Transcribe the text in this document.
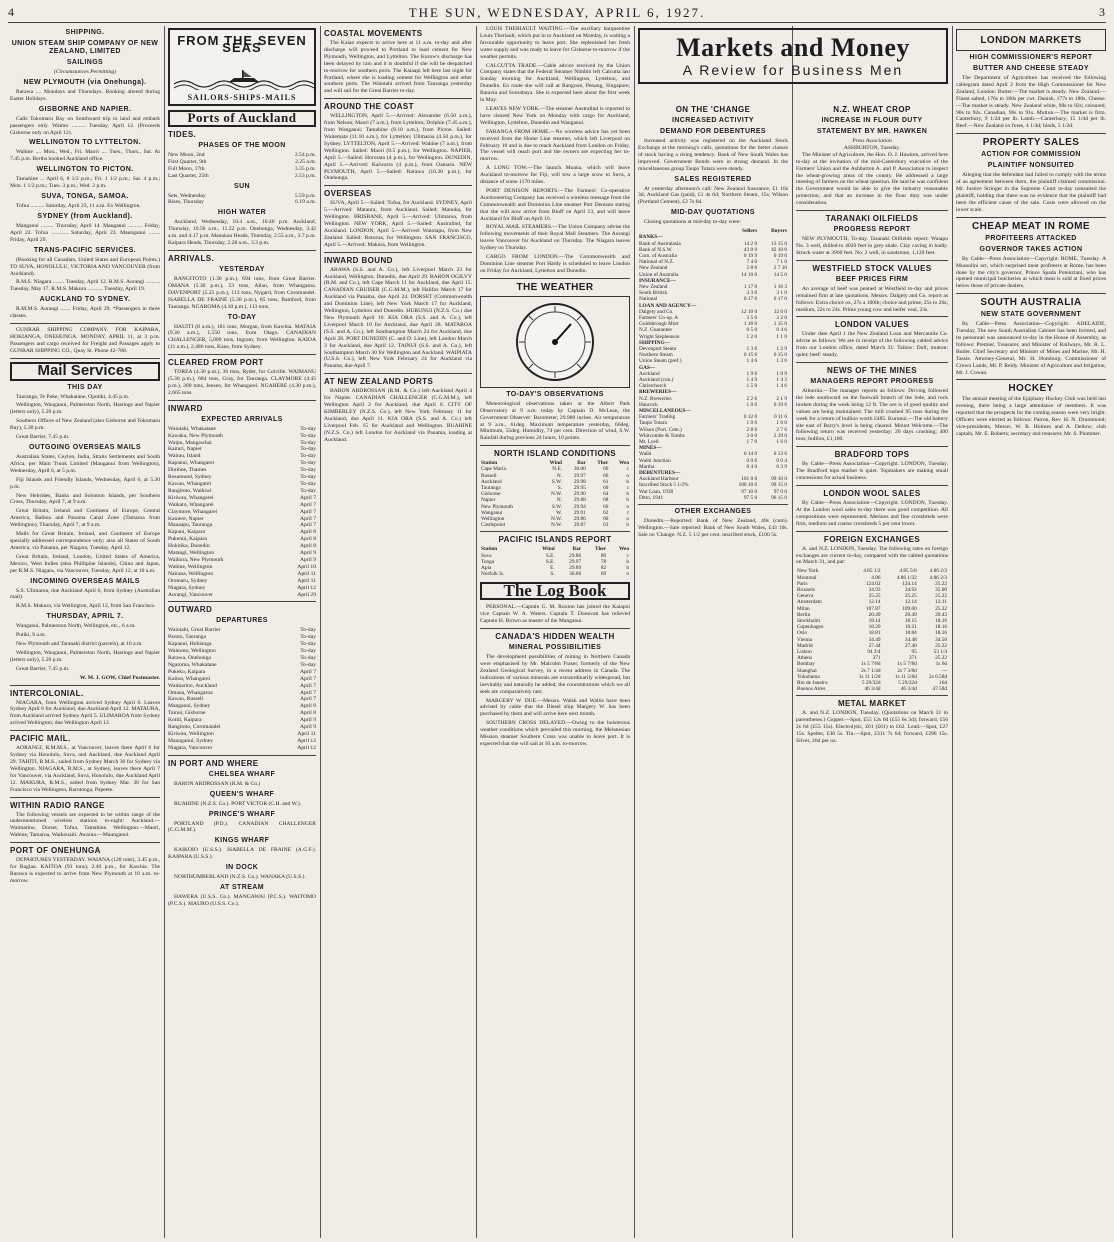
4	THE SUN, WEDNESDAY, APRIL 6, 1927.	3
SHIPPING.
UNION STEAM SHIP COMPANY OF NEW ZEALAND, LIMITED
SAILINGS
(Circumstances Permitting)
NEW PLYMOUTH (via Onehunga).
Rarawa .... Mondays and Thursdays. Booking altered during Easter Holidays.
GISBORNE AND NAPIER.
Calls Tokomaru Bay on Southward trip to land and embark passengers only. Waimo .......... Tuesday, April 12. (Proceeds Gisborne only on April 12).
WELLINGTON TO LYTTELTON.
Wahine .... Mon., Wed., Fri. Maori .... Tues., Thurs., Sat. At 7.45 p.m. Berths booked Auckland office.
WELLINGTON TO PICTON.
Tamahine ... April 6, 8 1/2 p.m.; Fri. 1 1/2 p.m.; Sat. 4 p.m.; Mon. 1 1/2 p.m.; Tues. 3 p.m.; Wed. 2 p.m.
SUVA, TONGA, SAMOA.
Tofua .......... Saturday, April 23, 11 a.m. Ex Wellington.
SYDNEY (from Auckland).
Manganui ......... Thursday, April 14. Manganui .......... Friday, April 22. Tofua ............ Saturday, April 23. Maunganui ........ Friday, April 29.
TRANS-PACIFIC SERVICES.
(Booking for all Canadian, United States and European Points.) TO SUVA, HONOLULU, VICTORIA AND VANCOUVER (from Auckland).
R.M.S. Niagara ........ Tuesday, April 12. R.M.S. Aorangi .......... Tuesday, May 17. R.M.S. Makura ........... Tuesday, April 19.
AUCKLAND TO SYDNEY.
R.M.M.S. Aorangi ....... Friday, April 29. *Passengers in three classes.
GUNRAR SHIPPING COMPANY. FOR KAIPARA, HOKIANGA, ONEHUNGA. MONDAY, APRIL 11, at 3 p.m. Passengers and cargo received for Freight and Passages apply to GUNRAR SHIPPING CO., Quay St. Phone 42-788.
Mail Services
THIS DAY
Tauranga, Te Puke, Whakatane, Opotiki, 4.45 p.m.
Wellington, Wanganui, Palmerston North, Hastings and Napier (letters only), 5.20 p.m.
Southern Offices of New Zealand (also Gisborne and Tokomaru Bay), 5.30 p.m.
Great Barrier, 7.45 p.m.
OUTGOING OVERSEAS MAILS
Australian States, Ceylon, India, Straits Settlements and South Africa, per Main Trunk Limited (Manganui from Wellington), Wednesday, April 6, at 5 p.m.
Fiji Islands and Friendly Islands, Wednesday, April 6, at 5.30 p.m.
New Hebrides, Banks and Solomon Islands, per Southern Cross, Thursday, April 7, at 9 a.m.
Great Britain, Ireland and Continent of Europe, Central America, Balboa and Panama Canal Zone (Tamaroa from Wellington), Thursday, April 7, at 9 a.m.
Mails for Great Britain, Ireland, and Continent of Europe specially addressed correspondence only; also all States of South America, via Panama, per Niagara, Tuesday, April 12.
Great Britain, Ireland, London, United States of America, Mexico, West Indies (also Phillipine Islands), China and Japan, per R.M.S. Niagara, via Vancouver, Tuesday, April 12, at 10 a.m.
INCOMING OVERSEAS MAILS
S.S. Ulimaroa, due Auckland April 6, from Sydney (Australian mail).
R.M.S. Makura, via Wellington, April 12, from San Francisco.
THURSDAY, APRIL 7.
Wanganui, Palmerston North, Wellington, etc., 6 a.m.
Putiki, 9 a.m.
New Plymouth and Taranaki district (parcels), at 10 a.m.
Wellington, Wanganui, Palmerston North, Hastings and Napier (letters only), 5.20 p.m.
Great Barrier, 7.45 p.m.
W. M. J. GOW, Chief Postmaster.
INTERCOLONIAL.
NIAGARA, from Wellington arrived Sydney April 6. Leaves Sydney April 6 for Auckland, due Auckland April 12. MATAURA, from Auckland arrived Sydney April 5. ULIMAROA from Sydney arrived Wellington; due Wellington April 12.
PACIFIC MAIL.
AORANGI, R.M.M.S., at Vancouver, leaves there April 6 for Sydney via Honolulu, Suva, and Auckland, due Auckland April 29. TAHITI, R.M.S., sailed from Sydney March 30 for Sydney via Wellington. NIAGARA, R.M.S., at Sydney, leaves there April 7 for Vancouver, via Auckland, Suva, Honolulu, due Auckland April 12. MAKURA, R.M.S., sailed from Sydney Mar. 30 for San Francisco via Wellington, Rarotonga, Papeete.
WITHIN RADIO RANGE
The following vessels are expected to be within range of the undermentioned wireless stations to-night: Auckland.—Waimarino, Dorset, Tofua, Tamahine. Wellington.—Maori, Wahine, Tamaroa, Waikouaiti. Awarua.—Maunganui.
PORT OF ONEHUNGA
DEPARTURES YESTERDAY. WAIANA (128 tons), 3.45 p.m., for Raglan. KAITOA (93 tons), 2.40 p.m., for Kawhia. The Rarawa is expected to arrive from New Plymouth at 10 a.m. to-morrow.
FROM THE SEVEN SEAS
SAILORS-SHIPS-MAILS
Ports of Auckland
TIDES.
PHASES OF THE MOON
New Moon, 2nd	2.54 p.m.
First Quarter, 9th	2.25 a.m.
Full Moon, 17th	3.35 p.m.
Last Quarter, 25th	2.53 p.m.
SUN
Sets, Wednesday	5.59 p.m.
Rises, Thursday	6.19 a.m.
HIGH WATER
Auckland, Wednesday, 10.4 a.m., 10.40 p.m. Auckland, Thursday, 10.56 a.m., 11.22 p.m. Onehunga, Wednesday, 3.42 a.m. and 4.17 p.m. Manukau Heads, Thursday, 2.55 a.m., 3.7 p.m. Kaipara Heads, Thursday, 2.28 a.m., 3.3 p.m.
ARRIVALS.
YESTERDAY
RANGITOTO (1.30 p.m.), 694 tons, from Great Barrier. OMANA (5.30 p.m.), 53 tons, Allan, from Whangaroa. DAVENPORT (5.25 p.m.), 113 tons, Nygard, from Coromandel. ISABELLA DE FRAINE (5.30 p.m.), 85 tons, Bamford, from Tauranga. NGAROMA (4.10 p.m.), 113 tons.
TO-DAY
HAUITI (8 a.m.), 181 tons, Morgan, from Kawhia. MATAIA (9.30 a.m.), 1,550 tons, from Otago. CANADIAN CHALLENGER, 5,000 tons, Ingram, from Wellington. KAIOA (11 a.m.), 2,486 tons, Kane, from Sydney.
CLEARED FROM PORT
TOREA (4.30 p.m.), 36 tons, Ryder, for Colville. WAIMANU (5.30 p.m.), 684 tons, Gray, for Tauranga. CLAYMORE (4.45 p.m.), 200 tons, Jensen, for Whangarei. NGAHERE (4.30 p.m.), 2,665 tons.
INWARD
EXPECTED ARRIVALS
Waiotahi, Whakatane	To-day
Kawaka, New Plymouth	To-day
Waipu, Mangawhai	To-day
Kaituri, Napier	To-day
Wairau, Island	To-day
Kapanui, Whangarei	To-day
Dimboe, Thames	To-day
Rosamund, Sydney	To-day
Kawau, Whangarei	To-day
Rangitoto, Waikiwi	To-day
Kiriwau, Whangarei	April 7
Waikato, Whangarei	April 7
Claymore, Whangarei	April 7
Kaniere, Napier	April 7
Mauaapu, Tauranga	April 7
Kapuni, Kaipara	April 8
Pukenui, Kaipara	April 8
Hokitika, Dunedin	April 8
Matangi, Wellington	April 9
Waihora, New Plymouth	April 9
Wahine, Wellington	April 10
Nairana, Wellington	April 11
Otomaru, Sydney	April 11
Niagara, Sydney	April 12
Aorangi, Vancouver	April 29
OUTWARD
DEPARTURES
Waiotahi, Great Barrier	To-day
Paroto, Tauranga	To-day
Kapanui, Hokianga	To-day
Waitomo, Wellington	To-day
Rarawa, Onehunga	To-day
Ngaroma, Whakatane	To-day
Pukeko, Kaipara	April 7
Kaitoa, Whangarei	April 7
Waimarino, Auckland	April 7
Omana, Whangaroa	April 7
Kawau, Russell	April 7
Manganui, Sydney	April 8
Tainui, Gisborne	April 8
Kotiti, Kaipara	April 9
Rangitoto, Coromandel	April 9
Kiriwau, Wellington	April 11
Maunganui, Sydney	April 12
Niagara, Vancouver	April 12
IN PORT AND WHERE
CHELSEA WHARF
BARON ARDROSSAN (R.M. & Co.)
QUEEN'S WHARF
RUAHINE (N.Z.S. Co.). PORT VICTOR (C.H. and W.).
PRINCE'S WHARF
PORTLAND (P.D.). CANADIAN CHALLENGER (C.G.M.M.).
KINGS WHARF
KAIKOIO (U.S.S.). ISABELLA DE FRAINE (A.G.F.). KAIPARA (U.S.S.).
IN DOCK
NORTHUMBERLAND (N.Z.S. Co.). WANAKA (U.S.S.).
AT STREAM
HAWERA (U.S.S. Co.). MANGAWAI (P.C.S.). WAITOMO (P.C.S.). MAURO (U.S.S. Co.).
COASTAL MOVEMENTS
The Kaiao expects to arrive here at 11 a.m. to-day and after discharge will proceed to Portland to load cement for New Plymouth, Wellington, and Lyttelton. The Kurow's discharge has been delayed by rain and it is doubtful if she will be despatched to-morrow for southern ports. The Kaiaapi left here last night for Portland, where she is loading cement for Wellington and other southern ports. The Waiotahi arrived from Tauranga yesterday and will sail for the Great Barrier to-day.
AROUND THE COAST
WELLINGTON, April 5.—Arrived: Alexander (6.50 a.m.), from Nelson; Maori (7 a.m.), from Lyttelton; Dolphin (7.45 a.m.), from Wanganui; Tamahine (8.10 a.m.), from Picton. Sailed: Waitemata (11.10 a.m.), for Lyttelton; Ulimaroa (4.50 p.m.), for Sydney. LYTTELTON, April 5.—Arrived: Wahine (7 a.m.), from Wellington. Sailed: Maori (8.5 p.m.), for Wellington. NAPIER, April 5.—Sailed: Hororata (4 p.m.), for Wellington. DUNEDIN, April 5.—Arrived: Kaiwarra (4 p.m.), from Oamaru. NEW PLYMOUTH, April 5.—Sailed: Rarawa (10.30 p.m.), for Onehunga.
OVERSEAS
SUVA, April 5.—Sailed: Tofua, for Auckland. SYDNEY, April 5.—Arrived: Mataura, from Auckland. Sailed: Manuka, for Wellington. BRISBANE, April 5.—Arrived: Ulimaroa, from Wellington. NEW YORK, April 5.—Sailed: Australind, for Auckland. LONDON, April 5.—Arrived: Waiotapu, from New Zealand. Sailed: Rotorua, for Wellington. SAN FRANCISCO, April 5.—Arrived: Makura, from Wellington.
INWARD BOUND
ARAWA (S.S. and A. Co.), left Liverpool March 23 for Auckland, Wellington, Dunedin, due April 29. BARON OGILVY (R.M. and Co.), left Cape March 11 for Auckland, due April 15. CANADIAN CRUISER (C.G.M.M.), left Halifax March 17 for Auckland via Panama, due April 24. DORSET (Commonwealth and Dominion Line), left New York March 17 for Auckland, Wellington, Lyttelton and Dunedin. HURUNUI (N.Z.S. Co.) due New Plymouth April 10. KIA ORA (S.S. and A. Co.), left Liverpool March 10 for Auckland, due April 28. MATAROA (S.S. and A. Co.), left Southampton March 24 for Auckland, due April 28. PORT DUNEDIN (C. and D. Line), left London March 3 for Auckland, due April 12. TAINUI (S.S. and A. Co.), left Southampton March 30 for Wellington and Auckland. WAIPIATA (U.S.S. Co.), left New York February 24 for Auckland via Panama, due April 7.
AT NEW ZEALAND PORTS
BARON ARDROSSAN (R.M. & Co.) left Auckland April 4 for Napier. CANADIAN CHALLENGER (C.G.M.M.), left Wellington April 2 for Auckland, due April 6. CITY OF KIMBERLEY (N.Z.S. Co.), left New York February 11 for Auckland, due April 11. KIA ORA (S.S. and A. Co.) left Liverpool Feb. 15 for Auckland and Wellington. RUAHINE (N.Z.S. Co.) left London for Auckland via Panama, loading at Auckland.
LOUIS THERIAULT WAITING.—The auxiliary barquentine Louis Theriault, which put in to Auckland on Monday, is waiting a favourable opportunity to leave port. She replenished her fresh water supply and was ready to leave for Gisborne to-morrow if the weather permits.
CALCUTTA TRADE.—Cable advice received by the Union Company states that the Federal Steamer Nimbin left Calcutta last Sunday morning for Auckland, Wellington, Lyttelton, and Dunedin. En route she will call at Rangoon, Penang, Singapore, Batavia and Sourabaya. She is expected here about the first week in May.
LEAVES NEW YORK.—The steamer Australind is reported to have cleared New York on Monday with cargo for Auckland, Wellington, Lyttelton, Dunedin and Wanganui.
FARANGA FROM HOME.—No wireless advice has yet been received from the Home Line steamer, which left Liverpool on February 10 and is due to reach Auckland from London on Friday. The vessel will reach port and the owners are expecting her to-morrow.
A LONG TOW.—The launch Moana, which will leave Auckland to-morrow for Fiji, will tow a large scow to Suva, a distance of some 1170 miles.
PORT DENISON REPORTS.—The Farmers' Co-operative Auctioneering Company has received a wireless message from the Commonwealth and Dominion Line steamer Port Denison stating that she will now arrive from Bluff on April 13, and will leave Auckland for Bluff on April 16.
ROYAL MAIL STEAMERS.—The Union Company advise the following movements of their Royal Mail Steamers. The Aorangi leaves Vancouver for Auckland on Thursday. The Niagara leaves Sydney on Thursday.
CARGO FROM LONDON.—The Commonwealth and Dominion Line steamer Port Hardy is scheduled to leave London on Friday for Auckland, Lyttelton and Dunedin.
THE WEATHER
TO-DAY'S OBSERVATIONS
Meteorological observations taken at the Albert Park Observatory at 9 a.m. today by Captain D. McLean, the Government Observer: Barometer, 29.980 inches. Air temperature at 9 a.m., 61deg. Maximum temperature yesterday, 66deg. Minimum, 55deg. Humidity, 74 per cent. Direction of wind, S.W. Rainfall during previous 24 hours, 10 points.
NORTH ISLAND CONDITIONS
Station	Wind	Bar	Ther	Wea
Cape Maria	N.E.	30.00	66	c
Russell	N.	29.97	66	o
Auckland	S.W.	29.98	61	b
Tauranga	S.	29.95	60	c
Gisborne	N.W.	29.90	64	b
Napier	N.	29.88	68	b
New Plymouth	S.W.	29.94	60	o
Wanganui	W.	29.91	62	r
Wellington	N.W.	29.86	60	o
Castlepoint	N.W.	29.87	63	b
PACIFIC ISLANDS REPORT
Station	Wind	Bar	Ther	Wea
Suva	S.E.	29.86	80	c
Tonga	S.E.	29.97	78	b
Apia	E.	29.89	82	b
Norfolk Is.	S.	30.06	69	o
The Log Book
PERSONAL.—Captain G. M. Ruxton has joined the Kaiapoi vice Captain W. A. Waters. Captain T. Donovan has relieved Captain H. Brown as master of the Manganui.
CANADA'S HIDDEN WEALTH
MINERAL POSSIBILITIES
The development possibilities of mining in Northern Canada were emphasised by Mr. Malcolm Fraser, formerly of the New Zealand Geological Survey, in a recent address in Canada. The indications of various minerals are extraordinarily widespread, but inevitably and naturally he added, the concentrations which we all seek are comparatively rare.
MARGERY W. DUE.—Messrs. Walsh and Wallis have been advised by cable that the Diesel ship Margery W. has been purchased by them and will arrive here next month.
SOUTHERN CROSS DELAYED.—Owing to the boisterous weather conditions which prevailed this morning, the Melanesian Mission steamer Southern Cross was unable to leave port. It is expected that she will sail at 10 a.m. to-morrow.
Markets and Money
A Review for Business Men
ON THE 'CHANGE
INCREASED ACTIVITY
DEMAND FOR DEBENTURES
Increased activity was registered on the Auckland Stock Exchange at the morning's calls, quotations for the better classes of stock having a rising tendency. Bank of New South Wales has improved. Government Bonds were in strong demand. In the miscellaneous group Taupo Totara were steady.
SALES REGISTERED
At yesterday afternoon's call: New Zealand Insurance, £1 16s 3d; Auckland Gas (paid), £1 4s 6d; Northern Steam, 15s; Wilson (Portland Cement), £2 7s 6d.
MID-DAY QUOTATIONS
Closing quotations at mid-day to-day were:
	Sellers	Buyers
BANKS—		
Bank of Australasia	14 2 0	13 15 0
Bank of N.S.W.	43 0 0	42 10 0
Com. of Australia	0 19 9	0 19 6
National of N.Z.	7 4 0	7 1 0
New Zealand	2 8 6	2 7 10
Union of Australia	14 10 0	14 5 0
INSURANCE—		
New Zealand	1 17 0	1 16 3
South British	3 3 0	3 1 0
National	0 17 6	0 17 0
LOAN AND AGENCY—		
Dalgety and Co.	12 10 0	12 0 0
Farmers' Co-op. A	3 5 0	3 2 0
Goldsbrough Mort	1 16 0	1 15 0
N.Z. Guarantee	0 5 0	0 4 6
Wright Stephenson	1 2 0	1 1 0
SHIPPING—		
Devonport Steam	1 3 6	1 2 9
Northern Steam	0 15 6	0 15 0
Union Steam (pref.)	1 4 6	1 3 6
GAS—		
Auckland	1 9 6	1 8 9
Auckland (con.)	1 4 9	1 4 3
Christchurch	1 5 0	1 4 6
BREWERIES—		
N.Z. Breweries	2 2 6	2 1 9
Hancock	1 0 0	0 19 6
MISCELLANEOUS—		
Farmers' Trading	0 12 0	0 11 6
Taupo Totara	1 0 6	1 0 0
Wilson (Port. Cem.)	2 8 6	2 7 6
Whitcombe & Tombs	3 0 0	2 19 0
Mt. Lyell	1 7 0	1 6 0
MINES—		
Waihi	0 14 0	0 13 6
Waihi Junction	0 0 6	0 0 4
Martha	0 4 0	0 3 9
DEBENTURES—		
Auckland Harbour	101 0 0	99 10 0
Inscribed Stock 5 1/2%	100 10 0	99 15 0
War Loan, 1938	97 10 0	97 0 0
Ditto, 1941	97 5 0	96 15 0
OTHER EXCHANGES
Dunedin.—Reported: Bank of New Zealand, 40s (cum). Wellington.—Sale reported: Bank of New South Wales, £43 10s. Sale on 'Change: N.Z. 5 1/2 per cent. inscribed stock, £100 5s.
N.Z. WHEAT CROP
INCREASE IN FLOUR DUTY
STATEMENT BY MR. HAWKEN
Press Association
ASHBURTON, Tuesday.
The Minister of Agriculture, the Hon. O. J. Hawken, arrived here to-day at the invitation of the mid-Canterbury executive of the Farmers' Union and the Ashburton A. and P. Association to inspect the wheat-growing areas of the county. He addressed a large meeting of farmers on the wheat question. He said he was confident the Government would be able to give the industry reasonable protection, and that an increase in the flour duty was under consideration.
TARANAKI OILFIELDS
PROGRESS REPORT
NEW PLYMOUTH, To-day. Taranaki Oilfields report: Waiapu No. 3 well, drilled to 4020 feet in grey shale. Clay caving in badly. Struck water at 3960 feet. No. 2 well, in sandstone, 1,120 feet.
WESTFIELD STOCK VALUES
BEEF PRICES FIRM
An average of beef was penned at Westfield to-day and prices remained firm at late quotations. Messrs. Dalgety and Co. report as follows: Extra choice ox, 27s a 100lb; choice and prime, 25s to 26s; medium, 22s to 24s. Prime young cow and heifer veal, 23s.
LONDON VALUES
Under date April 1 the New Zealand Loan and Mercantile Co. advise as follows: We are in receipt of the following cabled advice from our London office, dated March 31: Tallow: Dull; mutton: quiet; beef: steady.
NEWS OF THE MINES
MANAGERS REPORT PROGRESS
Alburnia.—The manager reports as follows: Driving followed the lode southward on the footwall branch of the lode, and rock broken during the week being 12 ft. The ore is of good quality and values are being maintained. The mill crushed 95 tons during the week for a return of bullion worth £485. Kurunui.—The old battery site east of Barry's level is being cleared. Mount Welcome.—The following return was received yesterday: 20 days crushing; 400 tons; bullion, £1,160.
BRADFORD TOPS
By Cable—Press Association—Copyright. LONDON, Tuesday. The Bradford tops market is quiet. Topmakers are making small concessions for actual business.
LONDON WOOL SALES
By Cable—Press Association—Copyright. LONDON, Tuesday. At the London wool sales to-day there was good competition. All compositions were represented. Merinos and fine crossbreds were firm, medium and coarse crossbreds 5 per cent lower.
FOREIGN EXCHANGES
A. and N.Z. LONDON, Tuesday. The following rates on foreign exchanges are current to-day, compared with the cabled quotations on March 31, and par:
New York	4.85 1/2	4.85 5/8	4.86 2/3
Montreal	4.86	4.86 1/32	4.86 2/3
Paris	124.02	124.14	25.22
Brussels	34.93	34.92	35.00
Geneva	25.25	25.25	25.22
Amsterdam	12.14	12.14	12.11
Milan	107.87	109.00	25.22
Berlin	20.49	20.49	20.43
Stockholm	18.14	18.15	18.16
Copenhagen	18.20	18.21	18.16
Oslo	18.81	18.84	18.16
Vienna	34.49	34.48	34.58
Madrid	27.44	27.40	25.22
Lisbon	94 3/4	95	53 1/4
Athens	371	371	25.22
Bombay	1s 5 7/8d	1s 5 7/8d	1s 6d
Shanghai	2s 7 1/4d	2s 7 3/8d	—
Yokohama	1s 11 1/2d	1s 11 5/8d	2s 0.58d
Rio de Janeiro	5 29/32d	5 29/32d	16d
Buenos Aires	46 3/4d	46 3/4d	47.58d
METAL MARKET
A. and N.Z. LONDON, Tuesday. (Quotations on March 31 in parentheses.) Copper.—Spot, £55 12s 6d (£55 6s 3d); forward, £56 2s 6d (£55 15s). Electrolytic, £61 (£61) to £62. Lead.—Spot, £27 15s. Spelter, £30 5s. Tin.—Spot, £311 7s 6d; forward, £296 15s. Silver, 26d per oz.
LONDON MARKETS
HIGH COMMISSIONER'S REPORT
BUTTER AND CHEESE STEADY
The Department of Agriculture has received the following cablegram dated April 2 from the High Commissioner for New Zealand, London: Butter.—The market is steady. New Zealand.—Finest salted, 176s to 180s per cwt. Danish, 177s to 180s. Cheese.—The market is steady. New Zealand white, 90s to 92s; coloured, 90s to 92s. Canadian, 90s to 91s. Mutton.—The market is firm. Canterbury, 9 1/2d per lb. Lamb.—Canterbury, 15 1/4d per lb. Beef.—New Zealand ox fores, 4 1/4d; hinds, 5 1/2d.
PROPERTY SALES
ACTION FOR COMMISSION
PLAINTIFF NONSUITED
Alleging that the defendant had failed to comply with the terms of an agreement between them, the plaintiff claimed commission. Mr. Justice Stringer in the Supreme Court to-day nonsuited the plaintiff, holding that there was no evidence that the plaintiff had been the efficient cause of the sale. Costs were allowed on the lower scale.
CHEAP MEAT IN ROME
PROFITEERS ATTACKED
GOVERNOR TAKES ACTION
By Cable—Press Association—Copyright. ROME, Tuesday. A Mussolini act, which surprised meat profiteers at Rome, has been done by the city's governor, Prince Spada Potenziani, who has opened municipal butcheries at which meat is sold at fixed prices below those of private dealers.
SOUTH AUSTRALIA
NEW STATE GOVERNMENT
By Cable—Press Association—Copyright. ADELAIDE, Tuesday. The new South Australian Cabinet has been formed, and its personnel was announced to-day in the House of Assembly, as follows: Premier, Treasurer, and Minister of Railways, Mr. R. L. Butler. Chief Secretary and Minister of Mines and Marine, Mr. H. Tassie. Attorney-General, Mr. H. Homburg. Commissioner of Crown Lands, Mr. P. Reidy. Minister of Agriculture and Irrigation, Mr. J. Cowan.
HOCKEY
The annual meeting of the Epiphany Hockey Club was held last evening, there being a large attendance of members. It was reported that the prospects for the coming season were very bright. Officers were elected as follows: Patron, Rev. H. N. Drummond; vice-presidents, Messrs. W. R. Holmes and A. Dellow; club captain, Mr. E. Roberts; secretary and treasurer, Mr. S. Plummer.
